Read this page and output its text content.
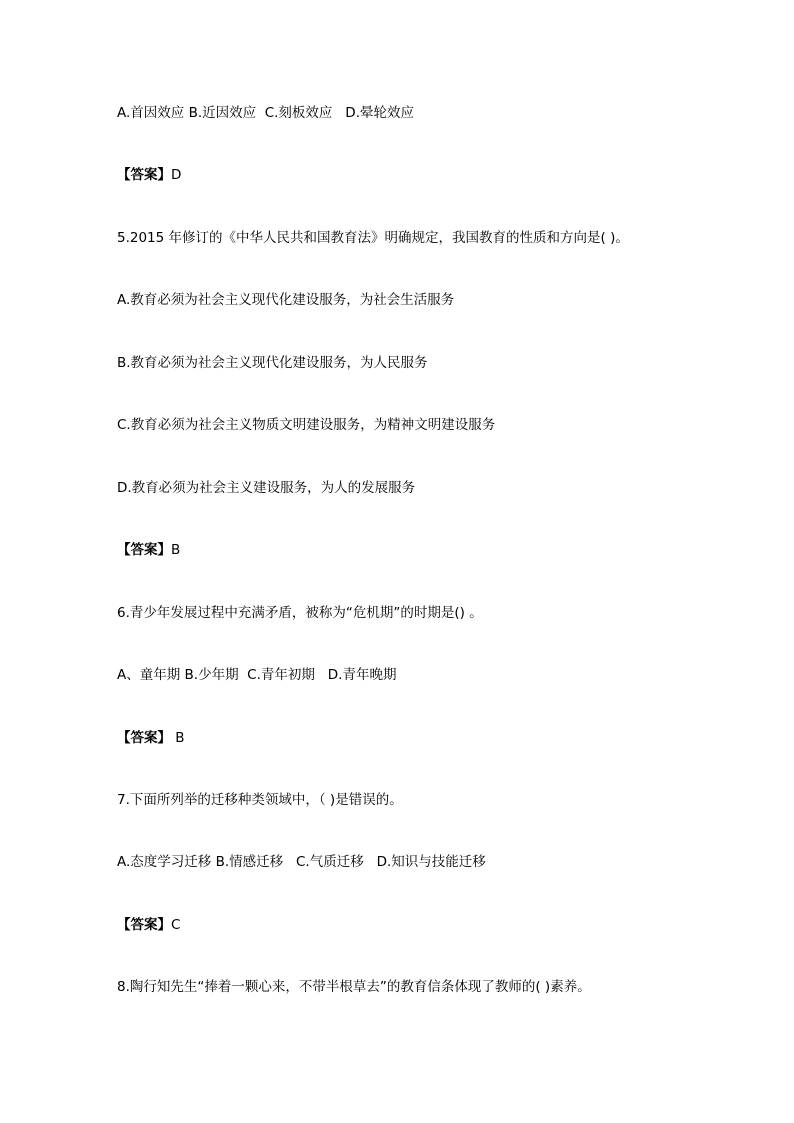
A.首因效应 B.近因效应  C.刻板效应   D.晕轮效应
【答案】D
5.2015 年修订的《中华人民共和国教育法》明确规定，我国教育的性质和方向是( )。
A.教育必须为社会主义现代化建设服务，为社会生活服务
B.教育必须为社会主义现代化建设服务，为人民服务
C.教育必须为社会主义物质文明建设服务，为精神文明建设服务
D.教育必须为社会主义建设服务，为人的发展服务
【答案】B
6.青少年发展过程中充满矛盾，被称为“危机期”的时期是() 。
A、童年期 B.少年期  C.青年初期   D.青年晚期
【答案】 B
7.下面所列举的迁移种类领域中，（ )是错误的。
A.态度学习迁移 B.情感迁移   C.气质迁移   D.知识与技能迁移
【答案】C
8.陶行知先生“捧着一颗心来，不带半根草去”的教育信条体现了教师的( )素养。
